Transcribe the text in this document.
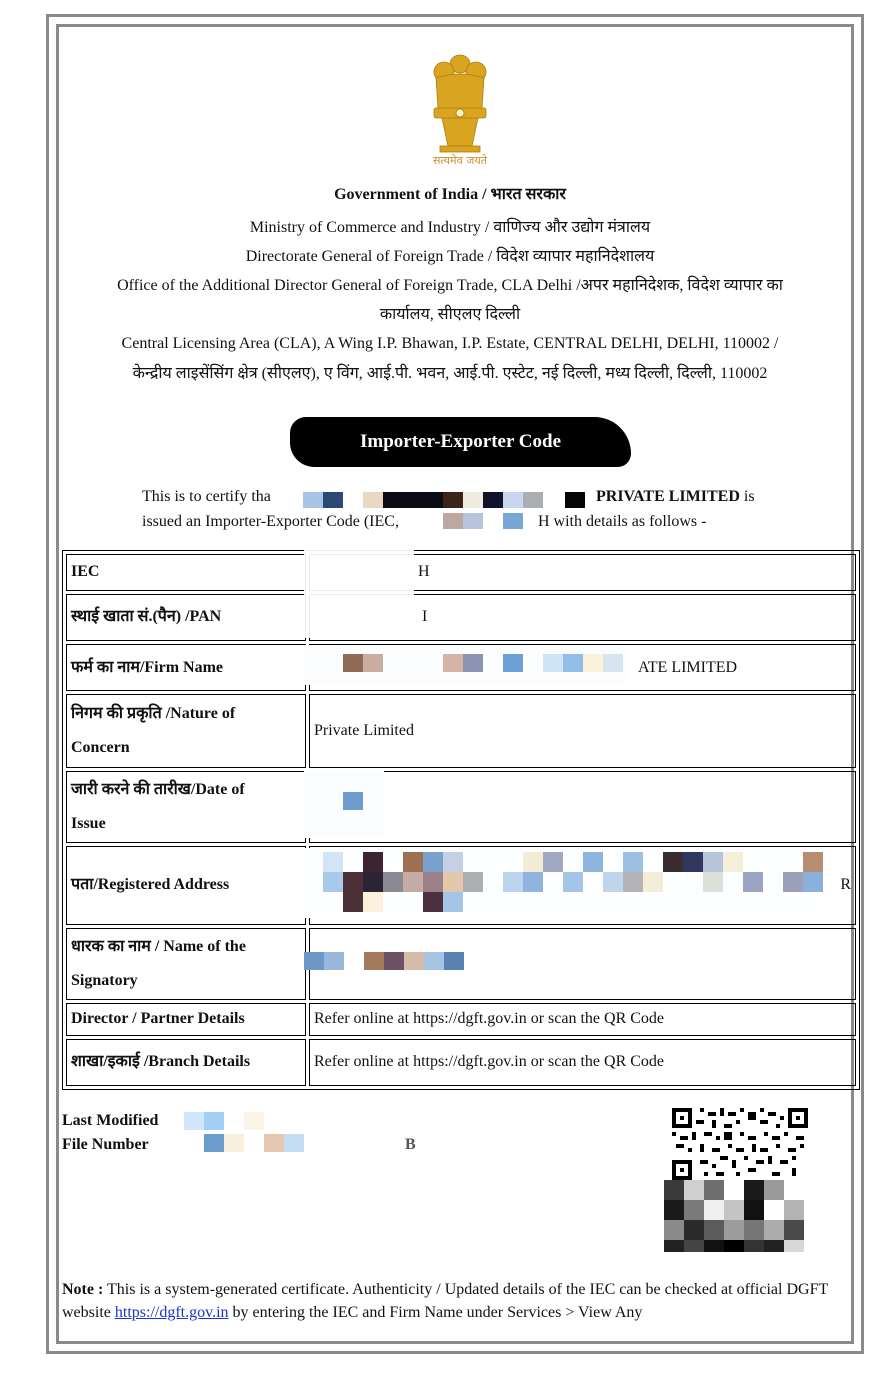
सत्यमेव जयते
Government of India / भारत सरकार
Ministry of Commerce and Industry / वाणिज्य और उद्योग मंत्रालय
Directorate General of Foreign Trade / विदेश व्यापार महानिदेशालय
Office of the Additional Director General of Foreign Trade, CLA Delhi /अपर महानिदेशक, विदेश व्यापार का
कार्यालय, सीएलए दिल्ली
Central Licensing Area (CLA), A Wing I.P. Bhawan, I.P. Estate, CENTRAL DELHI, DELHI, 110002 /
केन्द्रीय लाइसेंसिंग क्षेत्र (सीएलए), ए विंग, आई.पी. भवन, आई.पी. एस्टेट, नई दिल्ली, मध्य दिल्ली, दिल्ली, 110002
Importer-Exporter Code
This is to certify tha	PRIVATE LIMITED is
issued an Importer-Exporter Code (IEC,	H with details as follows -
IEC	H
स्थाई खाता सं.(पैन) /PAN	I
फर्म का नाम/Firm Name	ATE LIMITED
निगम की प्रकृति /Nature of
Concern	Private Limited
जारी करने की तारीख/Date of
Issue	
पता/Registered Address	R
धारक का नाम / Name of the
Signatory	
Director / Partner Details	Refer online at https://dgft.gov.in or scan the QR Code
शाखा/इकाई /Branch Details	Refer online at https://dgft.gov.in or scan the QR Code
Last Modified
File Number	B
Note : This is a system-generated certificate. Authenticity / Updated details of the IEC can be checked at official DGFT website https://dgft.gov.in by entering the IEC and Firm Name under Services > View Any
